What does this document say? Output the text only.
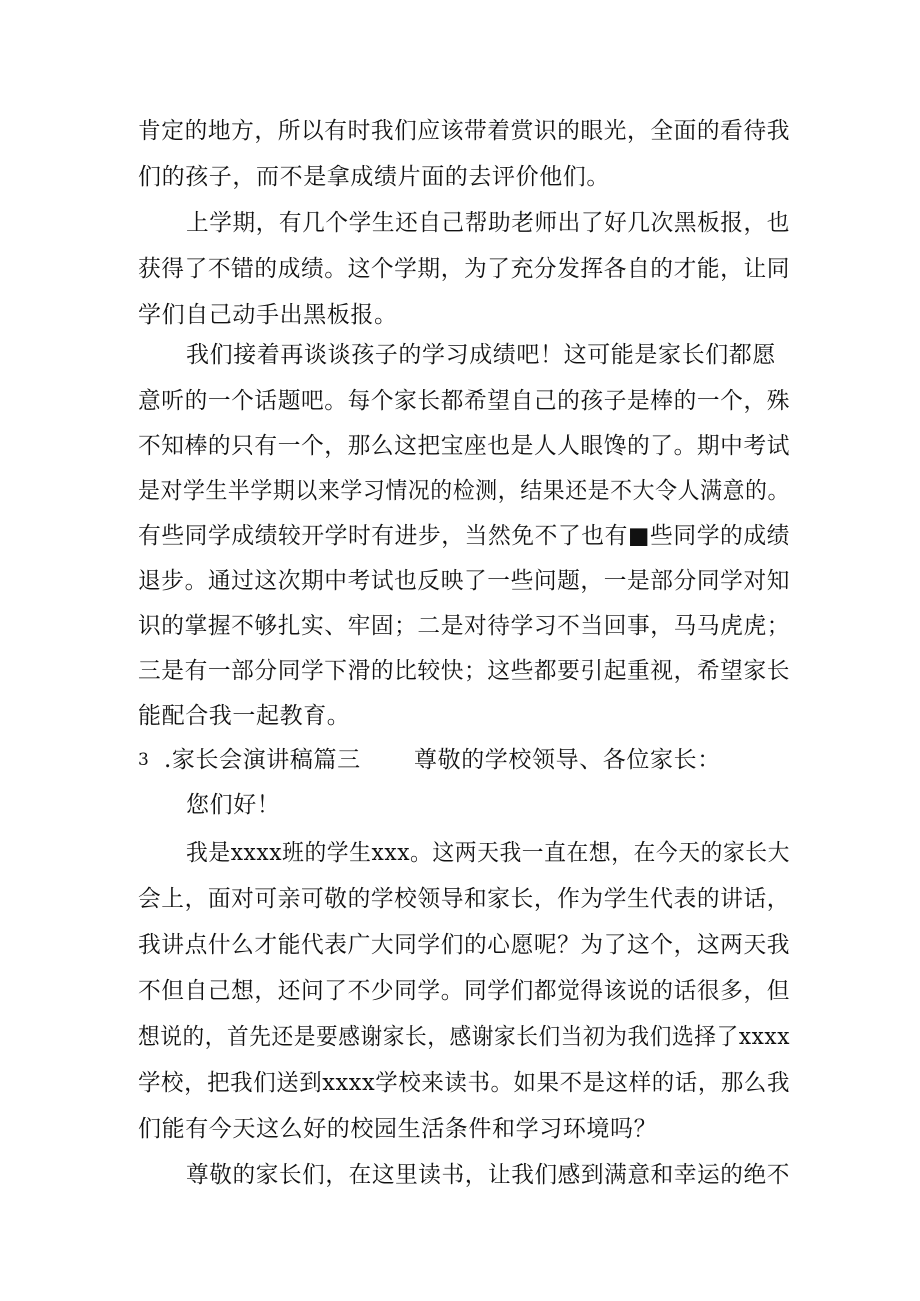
肯定的地方，所以有时我们应该带着赏识的眼光，全面的看待我
们的孩子，而不是拿成绩片面的去评价他们。
上学期，有几个学生还自己帮助老师出了好几次黑板报，也
获得了不错的成绩。这个学期，为了充分发挥各自的才能，让同
学们自己动手出黑板报。
我们接着再谈谈孩子的学习成绩吧！这可能是家长们都愿
意听的一个话题吧。每个家长都希望自己的孩子是棒的一个，殊
不知棒的只有一个，那么这把宝座也是人人眼馋的了。期中考试
是对学生半学期以来学习情况的检测，结果还是不大令人满意的。
有些同学成绩较开学时有进步，当然免不了也有■些同学的成绩
退步。通过这次期中考试也反映了一些问题，一是部分同学对知
识的掌握不够扎实、牢固；二是对待学习不当回事，马马虎虎；
三是有一部分同学下滑的比较快；这些都要引起重视，希望家长
能配合我一起教育。
3 .家长会演讲稿篇三 尊敬的学校领导、各位家长：
您们好！
我是xxxx班的学生xxx。这两天我一直在想，在今天的家长大
会上，面对可亲可敬的学校领导和家长，作为学生代表的讲话，
我讲点什么才能代表广大同学们的心愿呢？为了这个，这两天我
不但自己想，还问了不少同学。同学们都觉得该说的话很多，但
想说的，首先还是要感谢家长，感谢家长们当初为我们选择了xxxx
学校，把我们送到xxxx学校来读书。如果不是这样的话，那么我
们能有今天这么好的校园生活条件和学习环境吗？
尊敬的家长们，在这里读书，让我们感到满意和幸运的绝不
